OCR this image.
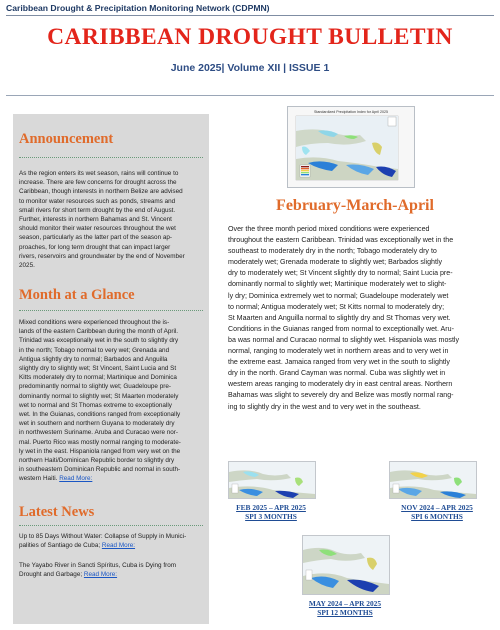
Caribbean Drought & Precipitation Monitoring Network (CDPMN)
CARIBBEAN DROUGHT BULLETIN
June 2025| Volume XII | ISSUE 1
Announcement
As the region enters its wet season, rains will continue to
increase. There are few concerns for drought across the
Caribbean, though interests in northern Belize are advised
to monitor water resources such as ponds, streams and
small rivers for short term drought by the end of August.
Further, interests in northern Bahamas and St. Vincent
should monitor their water resources throughout the wet
season, particularly as the latter part of the season ap-
proaches, for long term drought that can impact larger
rivers, reservoirs and groundwater by the end of November
2025.
Month at a Glance
Mixed conditions were experienced throughout the is-
lands of the eastern Caribbean during the month of April.
Trinidad was exceptionally wet in the south to slightly dry
in the north; Tobago normal to very wet; Grenada and
Antigua slightly dry to normal; Barbados and Anguilla
slightly dry to slightly wet; St Vincent, Saint Lucia and St
Kitts moderately dry to normal; Martinique and Dominica
predominantly normal to slightly wet; Guadeloupe pre-
dominantly normal to slightly wet; St Maarten moderately
wet to normal and St Thomas extreme to exceptionally
wet. In the Guianas, conditions ranged from exceptionally
wet in southern and northern Guyana to moderately dry
in northwestern Suriname. Aruba and Curacao were nor-
mal. Puerto Rico was mostly normal ranging to moderate-
ly wet in the east. Hispaniola ranged from very wet on the
northern Haiti/Dominican Republic border to slightly dry
in southeastern Dominican Republic and normal in south-
western Haiti. Read More:
Latest News
Up to 85 Days Without Water: Collapse of Supply in Munici-
palities of Santiago de Cuba; Read More:
The Yayabo River in Sancti Spíritus, Cuba is Dying from
Drought and Garbage; Read More:
Standardized Precipitation Index for April 2025
February-March-April
Over the three month period mixed conditions were experienced
throughout the eastern Caribbean. Trinidad was exceptionally wet in the
southeast to moderately dry in the north; Tobago moderately dry to
moderately wet; Grenada moderate to slightly wet; Barbados slightly
dry to moderately wet; St Vincent slightly dry to normal; Saint Lucia pre-
dominantly normal to slightly wet; Martinique moderately wet to slight-
ly dry; Dominica extremely wet to normal; Guadeloupe moderately wet
to normal; Antigua moderately wet; St Kitts normal to moderately dry;
St Maarten and Anguilla normal to slightly dry and St Thomas very wet.
Conditions in the Guianas ranged from normal to exceptionally wet. Aru-
ba was normal and Curacao normal to slightly wet. Hispaniola was mostly
normal, ranging to moderately wet in northern areas and to very wet in
the extreme east. Jamaica ranged from very wet in the south to slightly
dry in the north. Grand Cayman was normal. Cuba was slightly wet in
western areas ranging to moderately dry in east central areas. Northern
Bahamas was slight to severely dry and Belize was mostly normal rang-
ing to slightly dry in the west and to very wet in the southeast.
FEB 2025 – APR 2025
SPI 3 MONTHS
NOV 2024 – APR 2025
SPI 6 MONTHS
MAY 2024 – APR 2025
SPI 12 MONTHS
